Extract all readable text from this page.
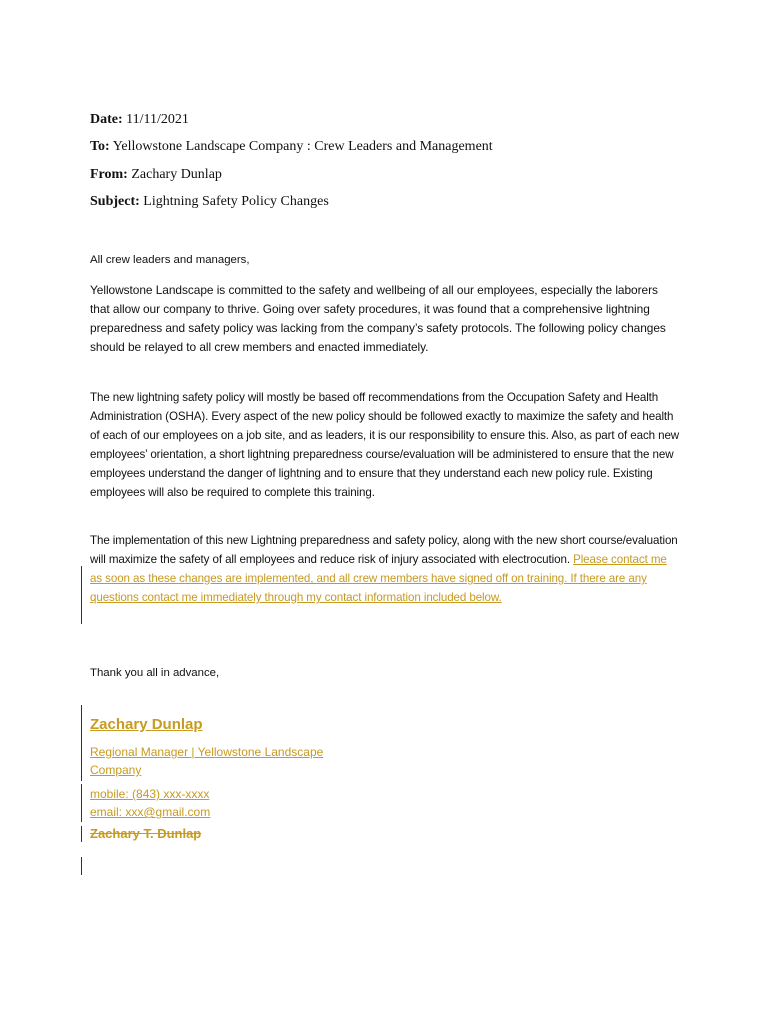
Date: 11/11/2021
To: Yellowstone Landscape Company : Crew Leaders and Management
From: Zachary Dunlap
Subject: Lightning Safety Policy Changes
All crew leaders and managers,
Yellowstone Landscape is committed to the safety and wellbeing of all our employees, especially the laborers that allow our company to thrive. Going over safety procedures, it was found that a comprehensive lightning preparedness and safety policy was lacking from the company’s safety protocols. The following policy changes should be relayed to all crew members and enacted immediately.
The new lightning safety policy will mostly be based off recommendations from the Occupation Safety and Health Administration (OSHA). Every aspect of the new policy should be followed exactly to maximize the safety and health of each of our employees on a job site, and as leaders, it is our responsibility to ensure this. Also, as part of each new employees’ orientation, a short lightning preparedness course/evaluation will be administered to ensure that the new employees understand the danger of lightning and to ensure that they understand each new policy rule. Existing employees will also be required to complete this training.
The implementation of this new Lightning preparedness and safety policy, along with the new short course/evaluation will maximize the safety of all employees and reduce risk of injury associated with electrocution. Please contact me as soon as these changes are implemented, and all crew members have signed off on training. If there are any questions contact me immediately through my contact information included below.
Thank you all in advance,
Zachary Dunlap
Regional Manager | Yellowstone Landscape
Company
mobile: (843) xxx-xxxx
email: xxx@gmail.com
Zachary T. Dunlap
